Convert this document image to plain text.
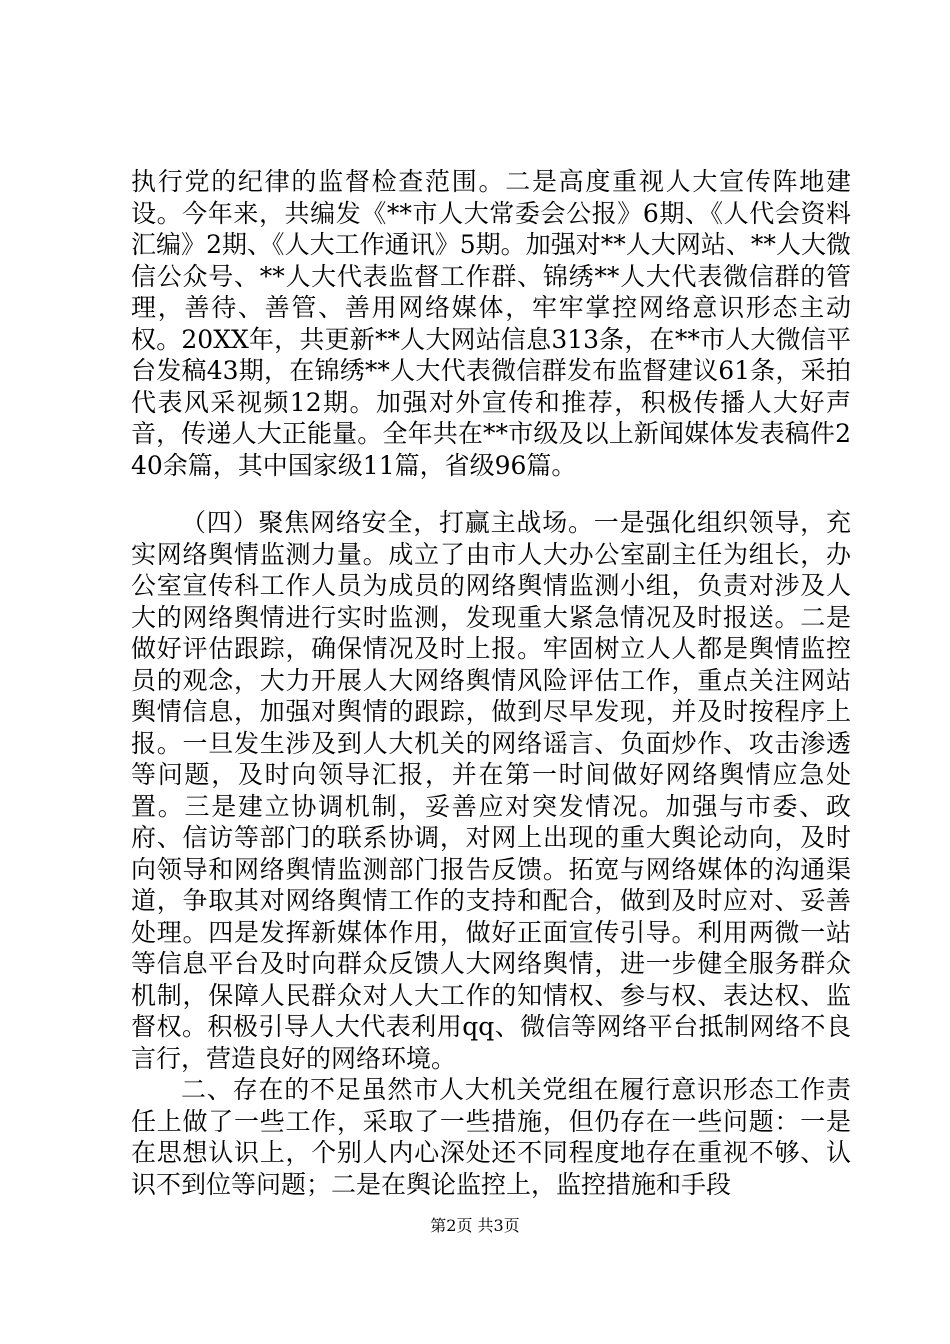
执行党的纪律的监督检查范围。二是高度重视人大宣传阵地建设。今年来，共编发《**市人大常委会公报》6期、《人代会资料汇编》2期、《人大工作通讯》5期。加强对**人大网站、**人大微信公众号、**人大代表监督工作群、锦绣**人大代表微信群的管理，善待、善管、善用网络媒体，牢牢掌控网络意识形态主动权。20XX年，共更新**人大网站信息313条，在**市人大微信平台发稿43期，在锦绣**人大代表微信群发布监督建议61条，采拍代表风采视频12期。加强对外宣传和推荐，积极传播人大好声音，传递人大正能量。全年共在**市级及以上新闻媒体发表稿件240余篇，其中国家级11篇，省级96篇。

（四）聚焦网络安全，打赢主战场。一是强化组织领导，充实网络舆情监测力量。成立了由市人大办公室副主任为组长，办公室宣传科工作人员为成员的网络舆情监测小组，负责对涉及人大的网络舆情进行实时监测，发现重大紧急情况及时报送。二是做好评估跟踪，确保情况及时上报。牢固树立人人都是舆情监控员的观念，大力开展人大网络舆情风险评估工作，重点关注网站舆情信息，加强对舆情的跟踪，做到尽早发现，并及时按程序上报。一旦发生涉及到人大机关的网络谣言、负面炒作、攻击渗透等问题，及时向领导汇报，并在第一时间做好网络舆情应急处置。三是建立协调机制，妥善应对突发情况。加强与市委、政府、信访等部门的联系协调，对网上出现的重大舆论动向，及时向领导和网络舆情监测部门报告反馈。拓宽与网络媒体的沟通渠道，争取其对网络舆情工作的支持和配合，做到及时应对、妥善处理。四是发挥新媒体作用，做好正面宣传引导。利用两微一站等信息平台及时向群众反馈人大网络舆情，进一步健全服务群众机制，保障人民群众对人大工作的知情权、参与权、表达权、监督权。积极引导人大代表利用qq、微信等网络平台抵制网络不良言行，营造良好的网络环境。

二、存在的不足虽然市人大机关党组在履行意识形态工作责任上做了一些工作，采取了一些措施，但仍存在一些问题：一是在思想认识上，个别人内心深处还不同程度地存在重视不够、认识不到位等问题；二是在舆论监控上，监控措施和手段

第2页 共3页
